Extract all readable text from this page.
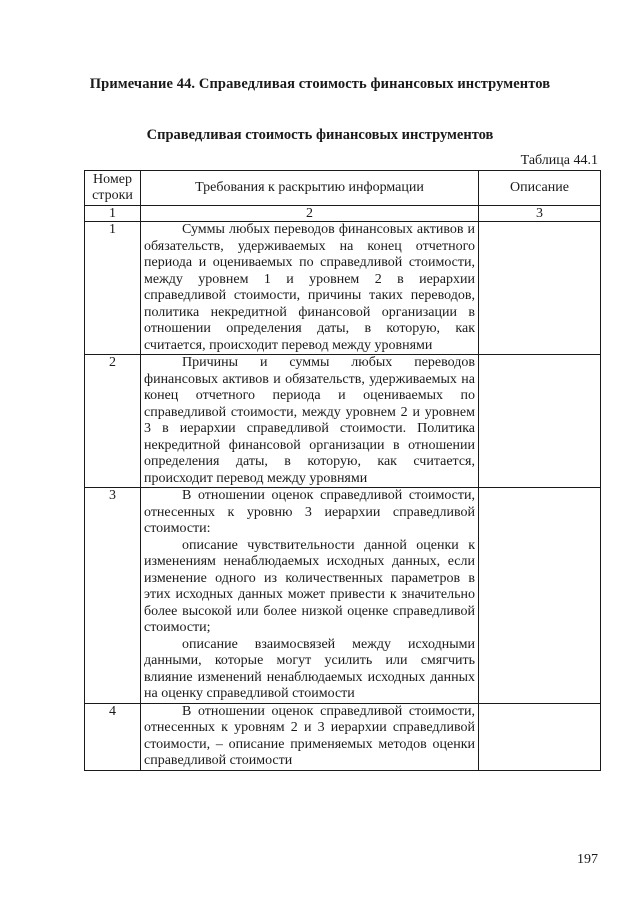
Примечание 44. Справедливая стоимость финансовых инструментов
Справедливая стоимость финансовых инструментов
Таблица 44.1
Номер строки	Требования к раскрытию информации	Описание
1	2	3
1	Суммы любых переводов финансовых активов и обязательств, удерживаемых на конец отчетного периода и оцениваемых по справедливой стоимости, между уровнем 1 и уровнем 2 в иерархии справедливой стоимости, причины таких переводов, политика некредитной финансовой организации в отношении определения даты, в которую, как считается, происходит перевод между уровнями	

2	Причины и суммы любых переводов финансовых активов и обязательств, удерживаемых на конец отчетного периода и оцениваемых по справедливой стоимости, между уровнем 2 и уровнем 3 в иерархии справедливой стоимости. Политика некредитной финансовой организации в отношении определения даты, в которую, как считается, происходит перевод между уровнями	

3	В отношении оценок справедливой стоимости, отнесенных к уровню 3 иерархии справедливой стоимости:

описание чувствительности данной оценки к изменениям ненаблюдаемых исходных данных, если изменение одного из количественных параметров в этих исходных данных может привести к значительно более высокой или более низкой оценке справедливой стоимости;

описание взаимосвязей между исходными данными, которые могут усилить или смягчить влияние изменений ненаблюдаемых исходных данных на оценку справедливой стоимости	

4	В отношении оценок справедливой стоимости, отнесенных к уровням 2 и 3 иерархии справедливой стоимости, – описание применяемых методов оценки справедливой стоимости	

197
